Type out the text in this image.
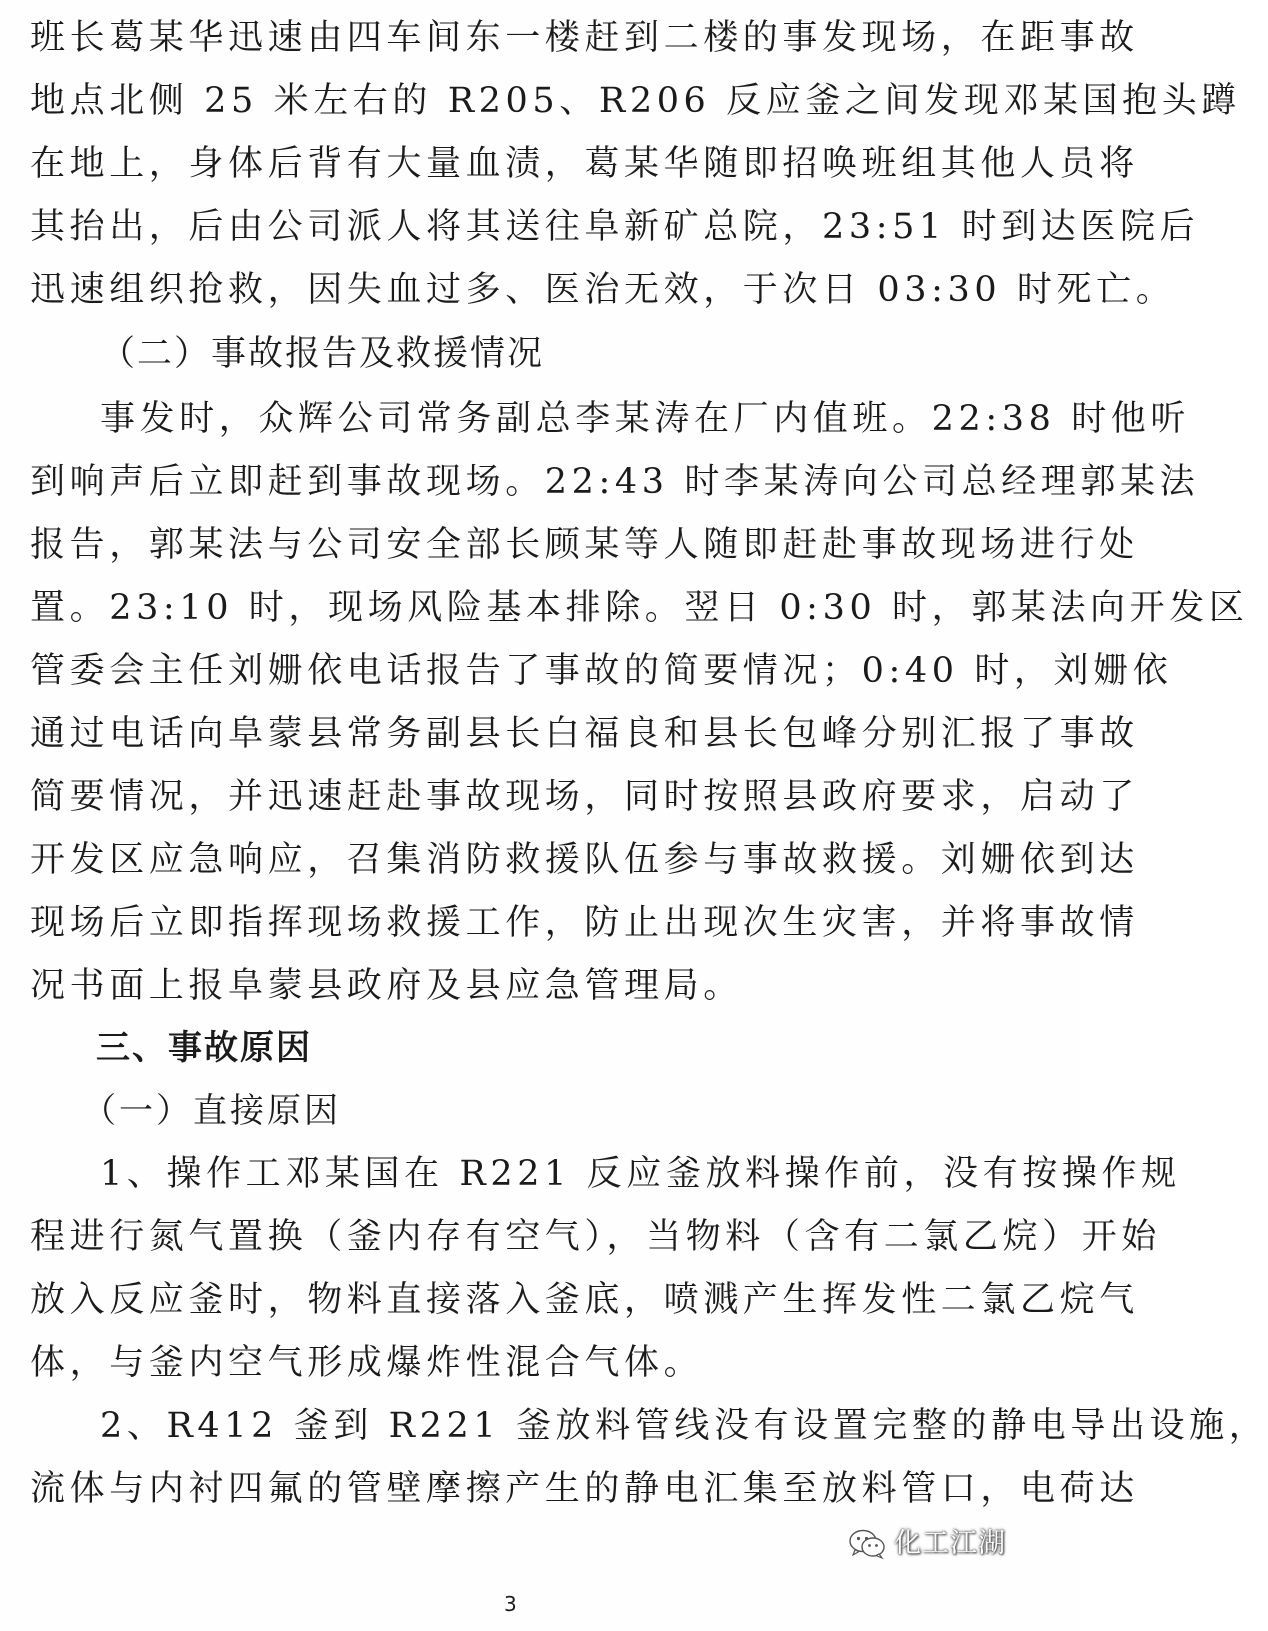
班长葛某华迅速由四车间东一楼赶到二楼的事发现场，在距事故
地点北侧 25 米左右的 R205、R206 反应釜之间发现邓某国抱头蹲
在地上，身体后背有大量血渍，葛某华随即招唤班组其他人员将
其抬出，后由公司派人将其送往阜新矿总院，23:51 时到达医院后
迅速组织抢救，因失血过多、医治无效，于次日 03:30 时死亡。
（二）事故报告及救援情况
事发时，众辉公司常务副总李某涛在厂内值班。22:38 时他听
到响声后立即赶到事故现场。22:43 时李某涛向公司总经理郭某法
报告，郭某法与公司安全部长顾某等人随即赶赴事故现场进行处
置。23:10 时，现场风险基本排除。翌日 0:30 时，郭某法向开发区
管委会主任刘姗依电话报告了事故的简要情况；0:40 时，刘姗依
通过电话向阜蒙县常务副县长白福良和县长包峰分别汇报了事故
简要情况，并迅速赶赴事故现场，同时按照县政府要求，启动了
开发区应急响应，召集消防救援队伍参与事故救援。刘姗依到达
现场后立即指挥现场救援工作，防止出现次生灾害，并将事故情
况书面上报阜蒙县政府及县应急管理局。
三、事故原因
（一）直接原因
1、操作工邓某国在 R221 反应釜放料操作前，没有按操作规
程进行氮气置换（釜内存有空气），当物料（含有二氯乙烷）开始
放入反应釜时，物料直接落入釜底，喷溅产生挥发性二氯乙烷气
体，与釜内空气形成爆炸性混合气体。
2、R412 釜到 R221 釜放料管线没有设置完整的静电导出设施，
流体与内衬四氟的管壁摩擦产生的静电汇集至放料管口，电荷达
化工江湖
3
